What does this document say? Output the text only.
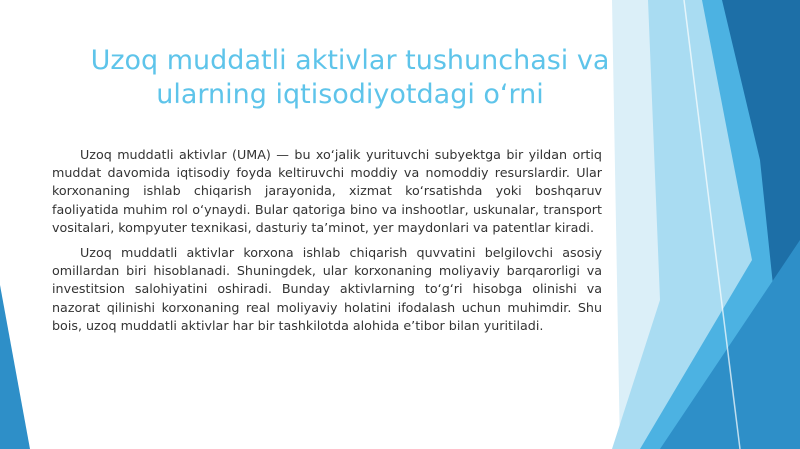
Uzoq muddatli aktivlar tushunchasi va
ularning iqtisodiyotdagi o‘rni

Uzoq muddatli aktivlar (UMA) — bu xo‘jalik yurituvchi subyektga bir yildan ortiq muddat davomida iqtisodiy foyda keltiruvchi moddiy va nomoddiy resurslardir. Ular korxonaning ishlab chiqarish jarayonida, xizmat ko‘rsatishda yoki boshqaruv faoliyatida muhim rol o‘ynaydi. Bular qatoriga bino va inshootlar, uskunalar, transport vositalari, kompyuter texnikasi, dasturiy ta’minot, yer maydonlari va patentlar kiradi.

Uzoq muddatli aktivlar korxona ishlab chiqarish quvvatini belgilovchi asosiy omillardan biri hisoblanadi. Shuningdek, ular korxonaning moliyaviy barqarorligi va investitsion salohiyatini oshiradi. Bunday aktivlarning to‘g‘ri hisobga olinishi va nazorat qilinishi korxonaning real moliyaviy holatini ifodalash uchun muhimdir. Shu bois, uzoq muddatli aktivlar har bir tashkilotda alohida e’tibor bilan yuritiladi.
